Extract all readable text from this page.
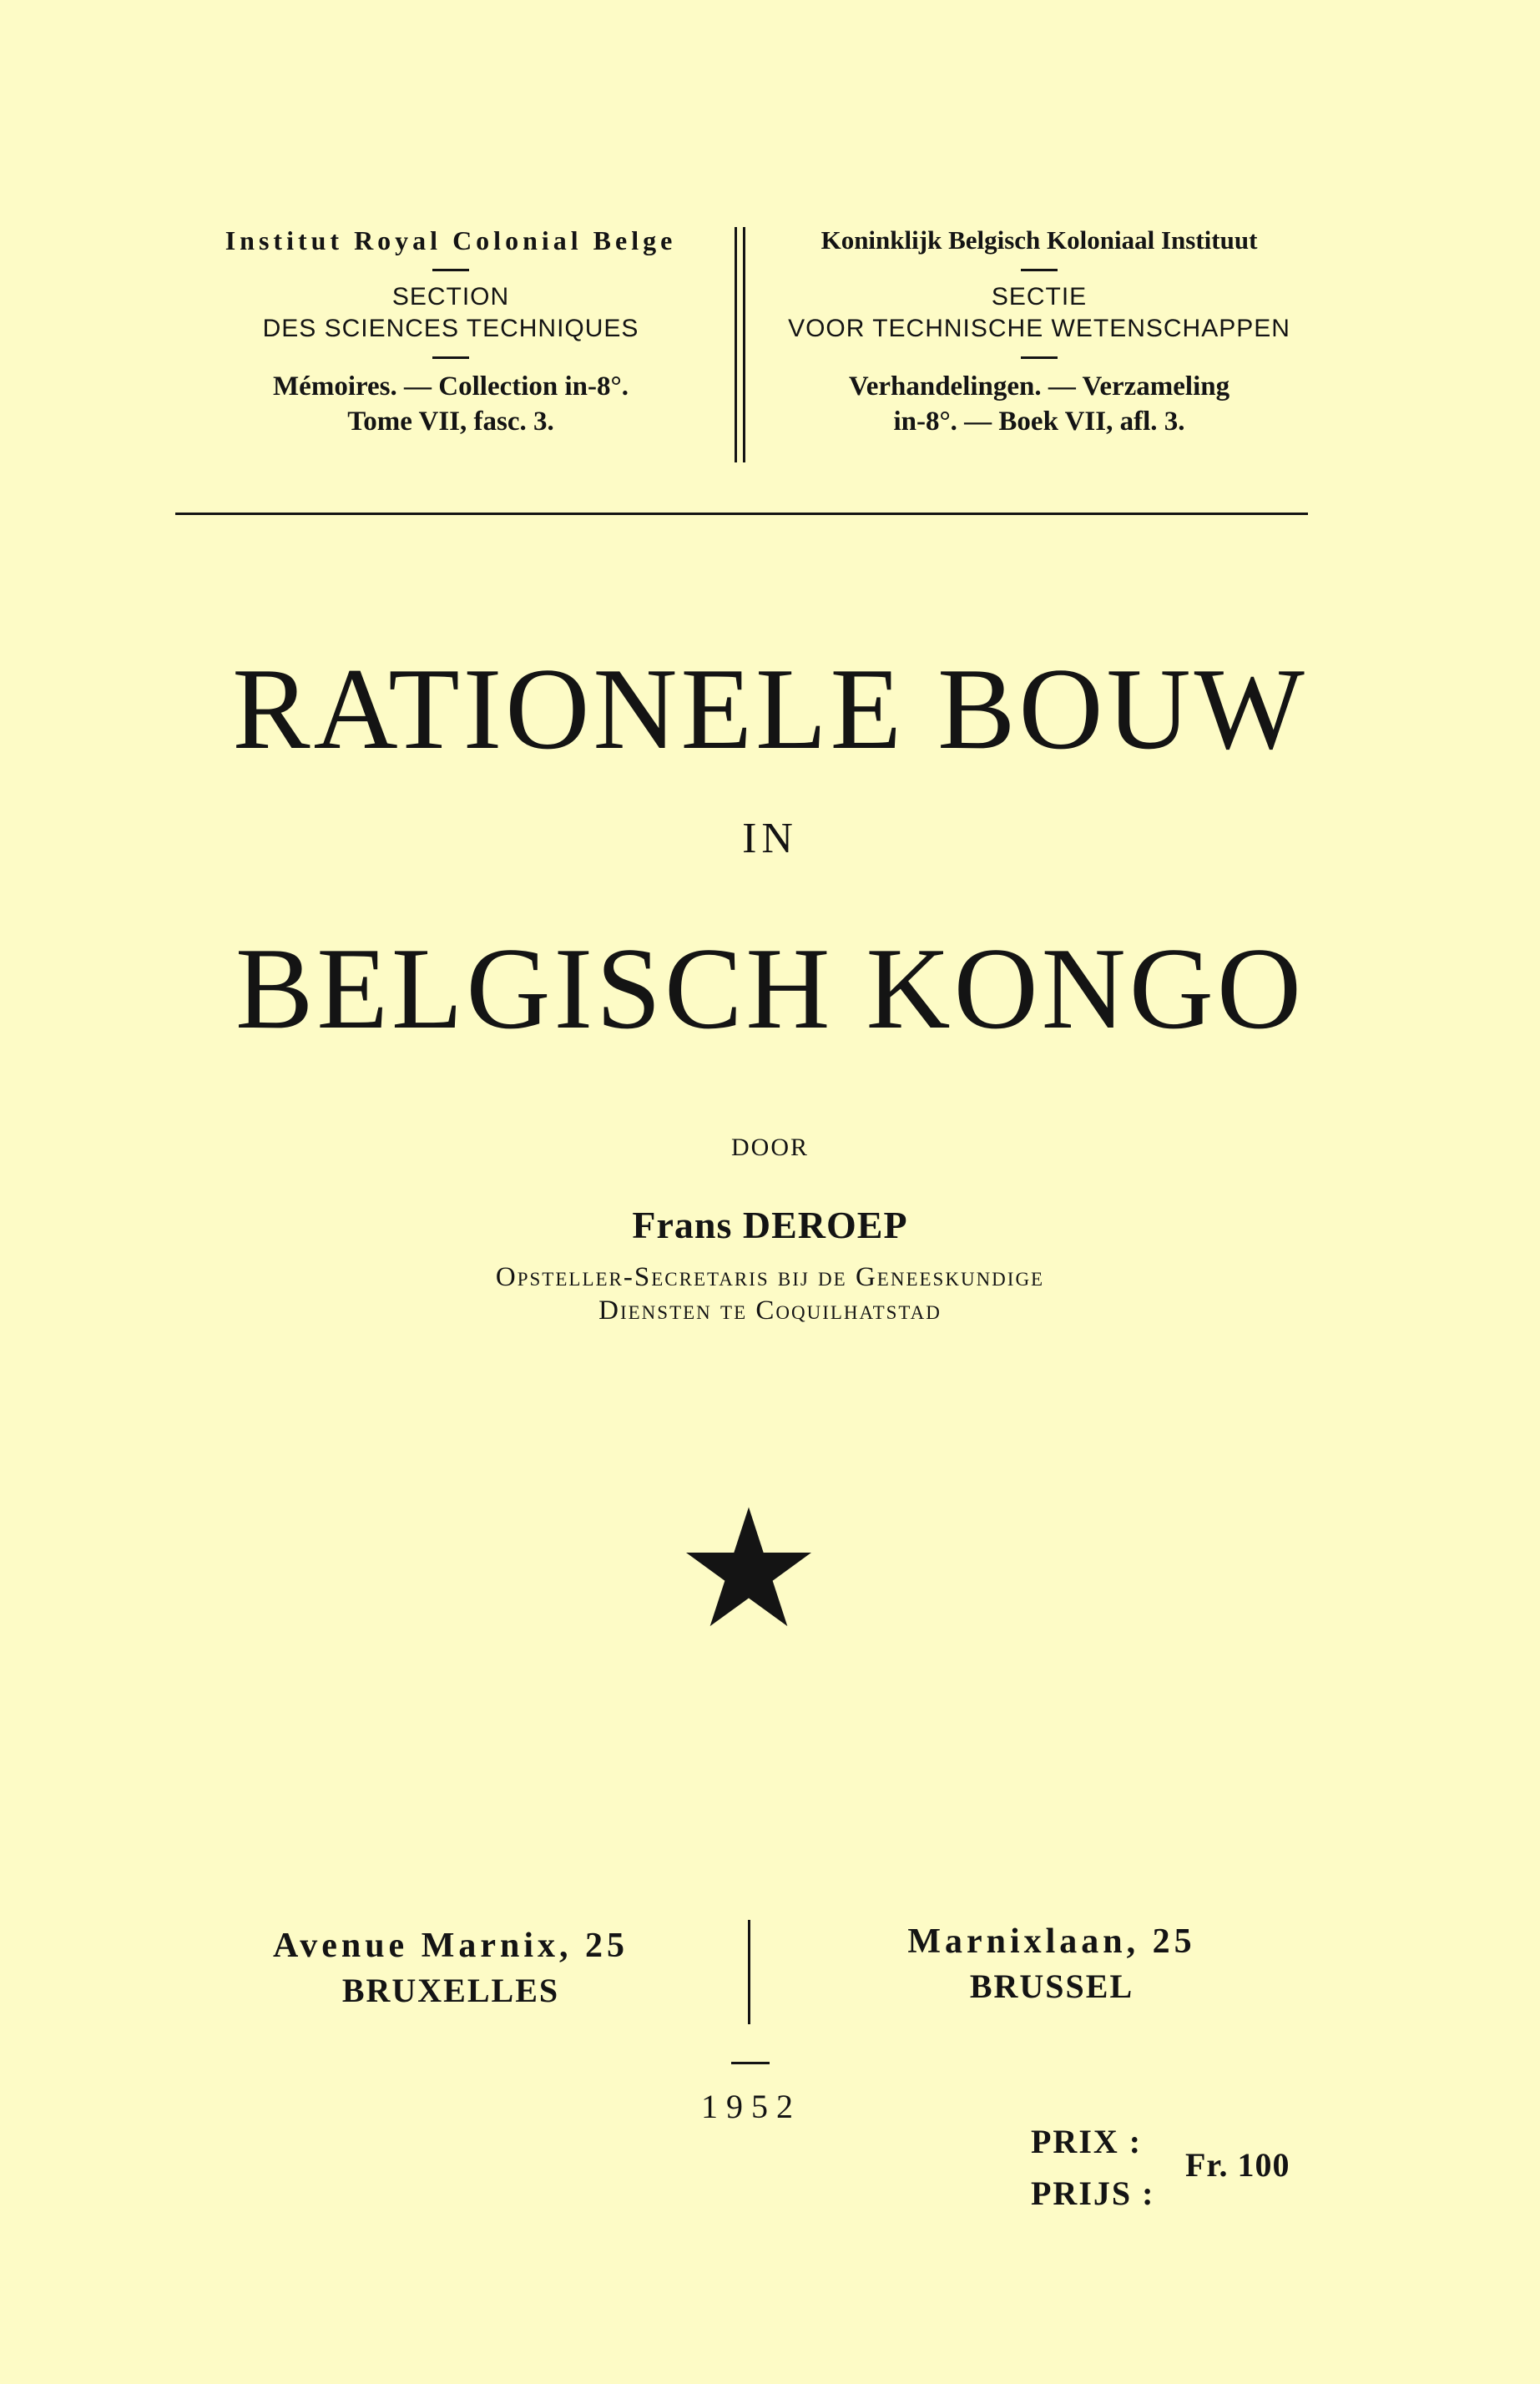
Institut Royal Colonial Belge
SECTION
DES SCIENCES TECHNIQUES
Mémoires. — Collection in-8°.
Tome VII, fasc. 3.
Koninklijk Belgisch Koloniaal Instituut
SECTIE
VOOR TECHNISCHE WETENSCHAPPEN
Verhandelingen. — Verzameling
in-8°. — Boek VII, afl. 3.
RATIONELE BOUW
IN
BELGISCH KONGO
DOOR
Frans DEROEP
Opsteller-Secretaris bij de Geneeskundige
Diensten te Coquilhatstad
Avenue Marnix, 25
BRUXELLES
Marnixlaan, 25
BRUSSEL
1952
PRIX :
PRIJS :
Fr. 100
